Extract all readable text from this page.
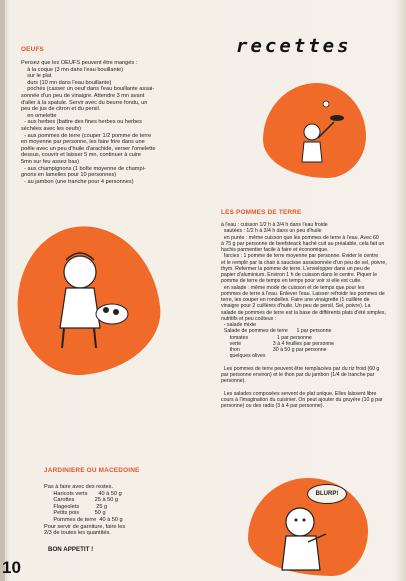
recettes
BLURP!
OEUFS
Pensez que les OEUFS peuvent être mangés :
à la coque (3 mn dans l'eau bouillante)
sur le plat
durs (10 mn dans l'eau bouillante)
pochés (casser un oeuf dans l'eau bouillante assai-
sonnée d'un peu de vinaigre. Attendre 3 mn avant
d'aller à la spatule. Servir avec du beurre fondu, un
peu de jus de citron et du persil.
en omelette
- aux herbes (battre des fines herbes ou herbes
séchées avec les oeufs)
- aux pommes de terre (couper 1/2 pomme de terre
en moyenne par personne, les faire frire dans une
poêle avec un peu d'huile d'arachide, verser l'omelette
dessus, couvrir et laisser 5 mn, continuer à cuire
5mn sur feu assez bas)
- aux champignons (1 boîte moyenne de champi-
gnons en lamelles pour 10 personnes)
- au jambon (une tranche pour 4 personnes)
LES POMMES DE TERRE
à l'eau : cuisson 1/2 h à 3/4 h dans l'eau froide
sautées : 1/2 h à 3/4 h dans un peu d'huile
en purée : même cuisson que les pommes de terre à l'eau. Avec 60
à 75 g par personne de beefsteack haché cuit au préalable, cela fait un
hachis parmentier facile à faire et économique.
farcies : 1 pomme de terre moyenne par personne. Evider le centre
et le remplir par la chair à saucisse assaisonnée d'un peu de sel, poivre,
thym. Refermer la pomme de terre. L'envelopper dans un peu de
papier d'aluminium. Environ 1 h de cuisson dans le centre. Piquer le
pomme de terre de temps en temps pour voir si elle est cuite.
en salade : même mode de cuisson et de temps que pour les
pommes de terre à l'eau. Enlever l'eau. Laisser refroidir les pommes de
terre, les couper en rondelles. Faire une vinaigrette (1 cuillère de
vinaigre pour 2 cuillères d'huile. Un peu de persil. Sel, poivre). La
salade de pommes de terre est la base de différents plats d'été simples,
nutritifs et peu coûteux :
- salade mixte
Salade de pommes de terre      1 par personne
tomates                    1 par personne
verte                      3 à 4 feuilles par personne
thon                       30 à 50 g par personne
quelques olives

Les pommes de terre peuvent être remplacées par du riz froid (60 g
par personne environ) et le thon par du jambon (1/4 de tranche par
personne).

Les salades composées servent de plat unique. Elles laissent libre
cours à l'imagination du cuisinier. On peut ajouter du gruyère (10 g par
personne) ou des radis (3 à 4 par personne).
JARDINIERE OU MACEDOINE
Pas à faire avec des restes.
Haricots verts       40 à 50 g
Carottes             25 à 50 g
Flageolets           25 g
Petits pois          50 g
Pommes de terre  40 à 50 g
Pour servir de garniture, faire les
2/3 de toutes les quantités.
BON APPETIT !
10
